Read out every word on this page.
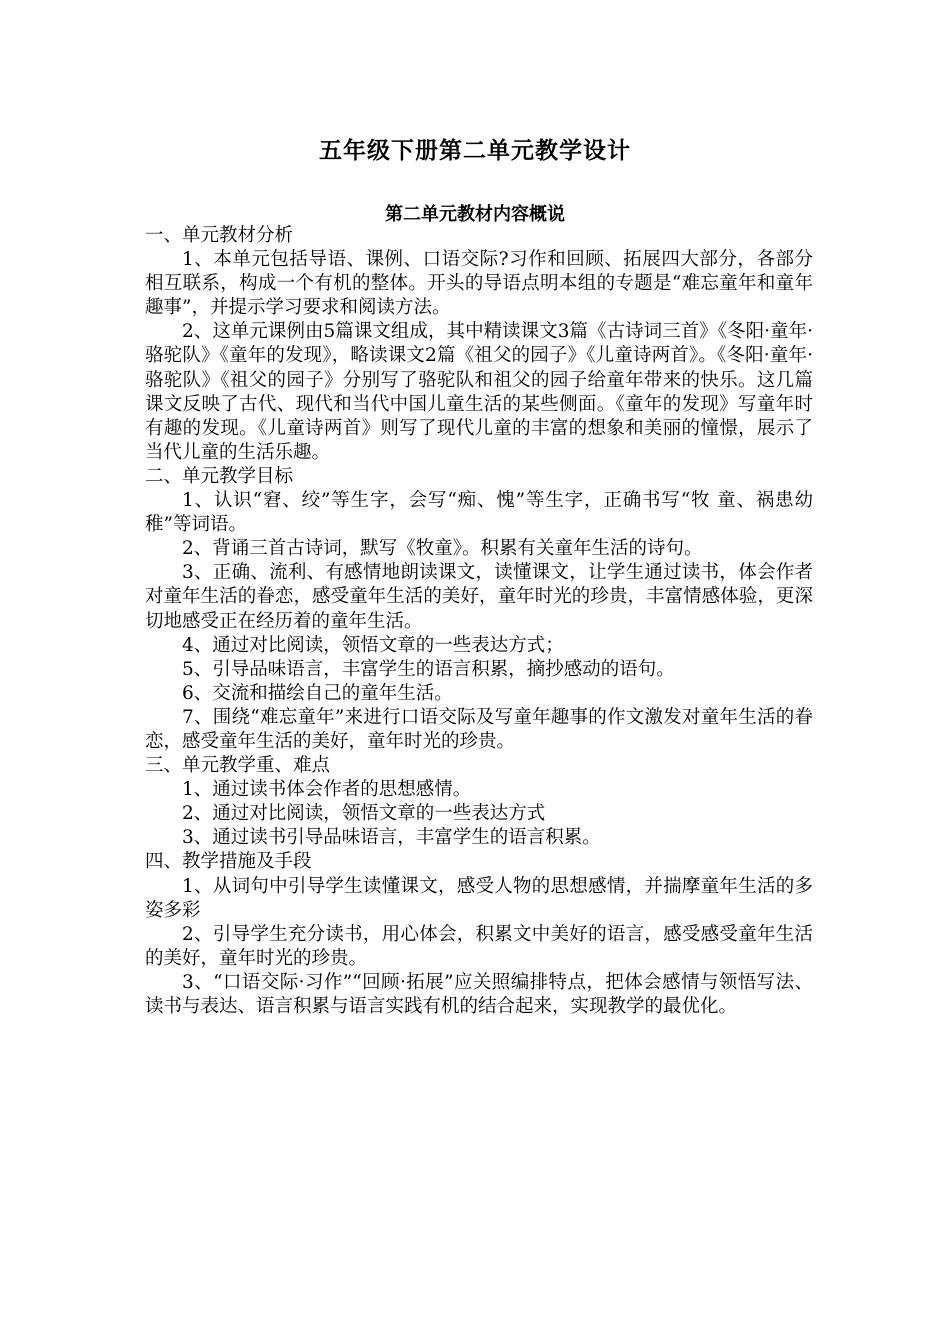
五年级下册第二单元教学设计
第二单元教材内容概说

一、单元教材分析

1、本单元包括导语、课例、口语交际?习作和回顾、拓展四大部分，各部分相互联系，构成一个有机的整体。开头的导语点明本组的专题是“难忘童年和童年趣事”，并提示学习要求和阅读方法。

2、这单元课例由5篇课文组成，其中精读课文3篇《古诗词三首》《冬阳·童年·骆驼队》《童年的发现》，略读课文2篇《祖父的园子》《儿童诗两首》。《冬阳·童年·骆驼队》《祖父的园子》分别写了骆驼队和祖父的园子给童年带来的快乐。这几篇课文反映了古代、现代和当代中国儿童生活的某些侧面。《童年的发现》写童年时有趣的发现。《儿童诗两首》则写了现代儿童的丰富的想象和美丽的憧憬，展示了当代儿童的生活乐趣。

二、单元教学目标

1、认识“窘、绞”等生字，会写“痴、愧”等生字，正确书写“牧 童、祸患幼稚”等词语。

2、背诵三首古诗词，默写《牧童》。积累有关童年生活的诗句。

3、正确、流利、有感情地朗读课文，读懂课文，让学生通过读书，体会作者对童年生活的眷恋，感受童年生活的美好，童年时光的珍贵，丰富情感体验，更深切地感受正在经历着的童年生活。

4、通过对比阅读，领悟文章的一些表达方式；

5、引导品味语言，丰富学生的语言积累，摘抄感动的语句。

6、交流和描绘自己的童年生活。

7、围绕“难忘童年”来进行口语交际及写童年趣事的作文激发对童年生活的眷恋，感受童年生活的美好，童年时光的珍贵。

三、单元教学重、难点

1、通过读书体会作者的思想感情。

2、通过对比阅读，领悟文章的一些表达方式

3、通过读书引导品味语言，丰富学生的语言积累。

四、教学措施及手段

1、从词句中引导学生读懂课文，感受人物的思想感情，并揣摩童年生活的多姿多彩

2、引导学生充分读书，用心体会，积累文中美好的语言，感受感受童年生活的美好，童年时光的珍贵。

3、“口语交际·习作”“回顾·拓展”应关照编排特点，把体会感情与领悟写法、读书与表达、语言积累与语言实践有机的结合起来，实现教学的最优化。
